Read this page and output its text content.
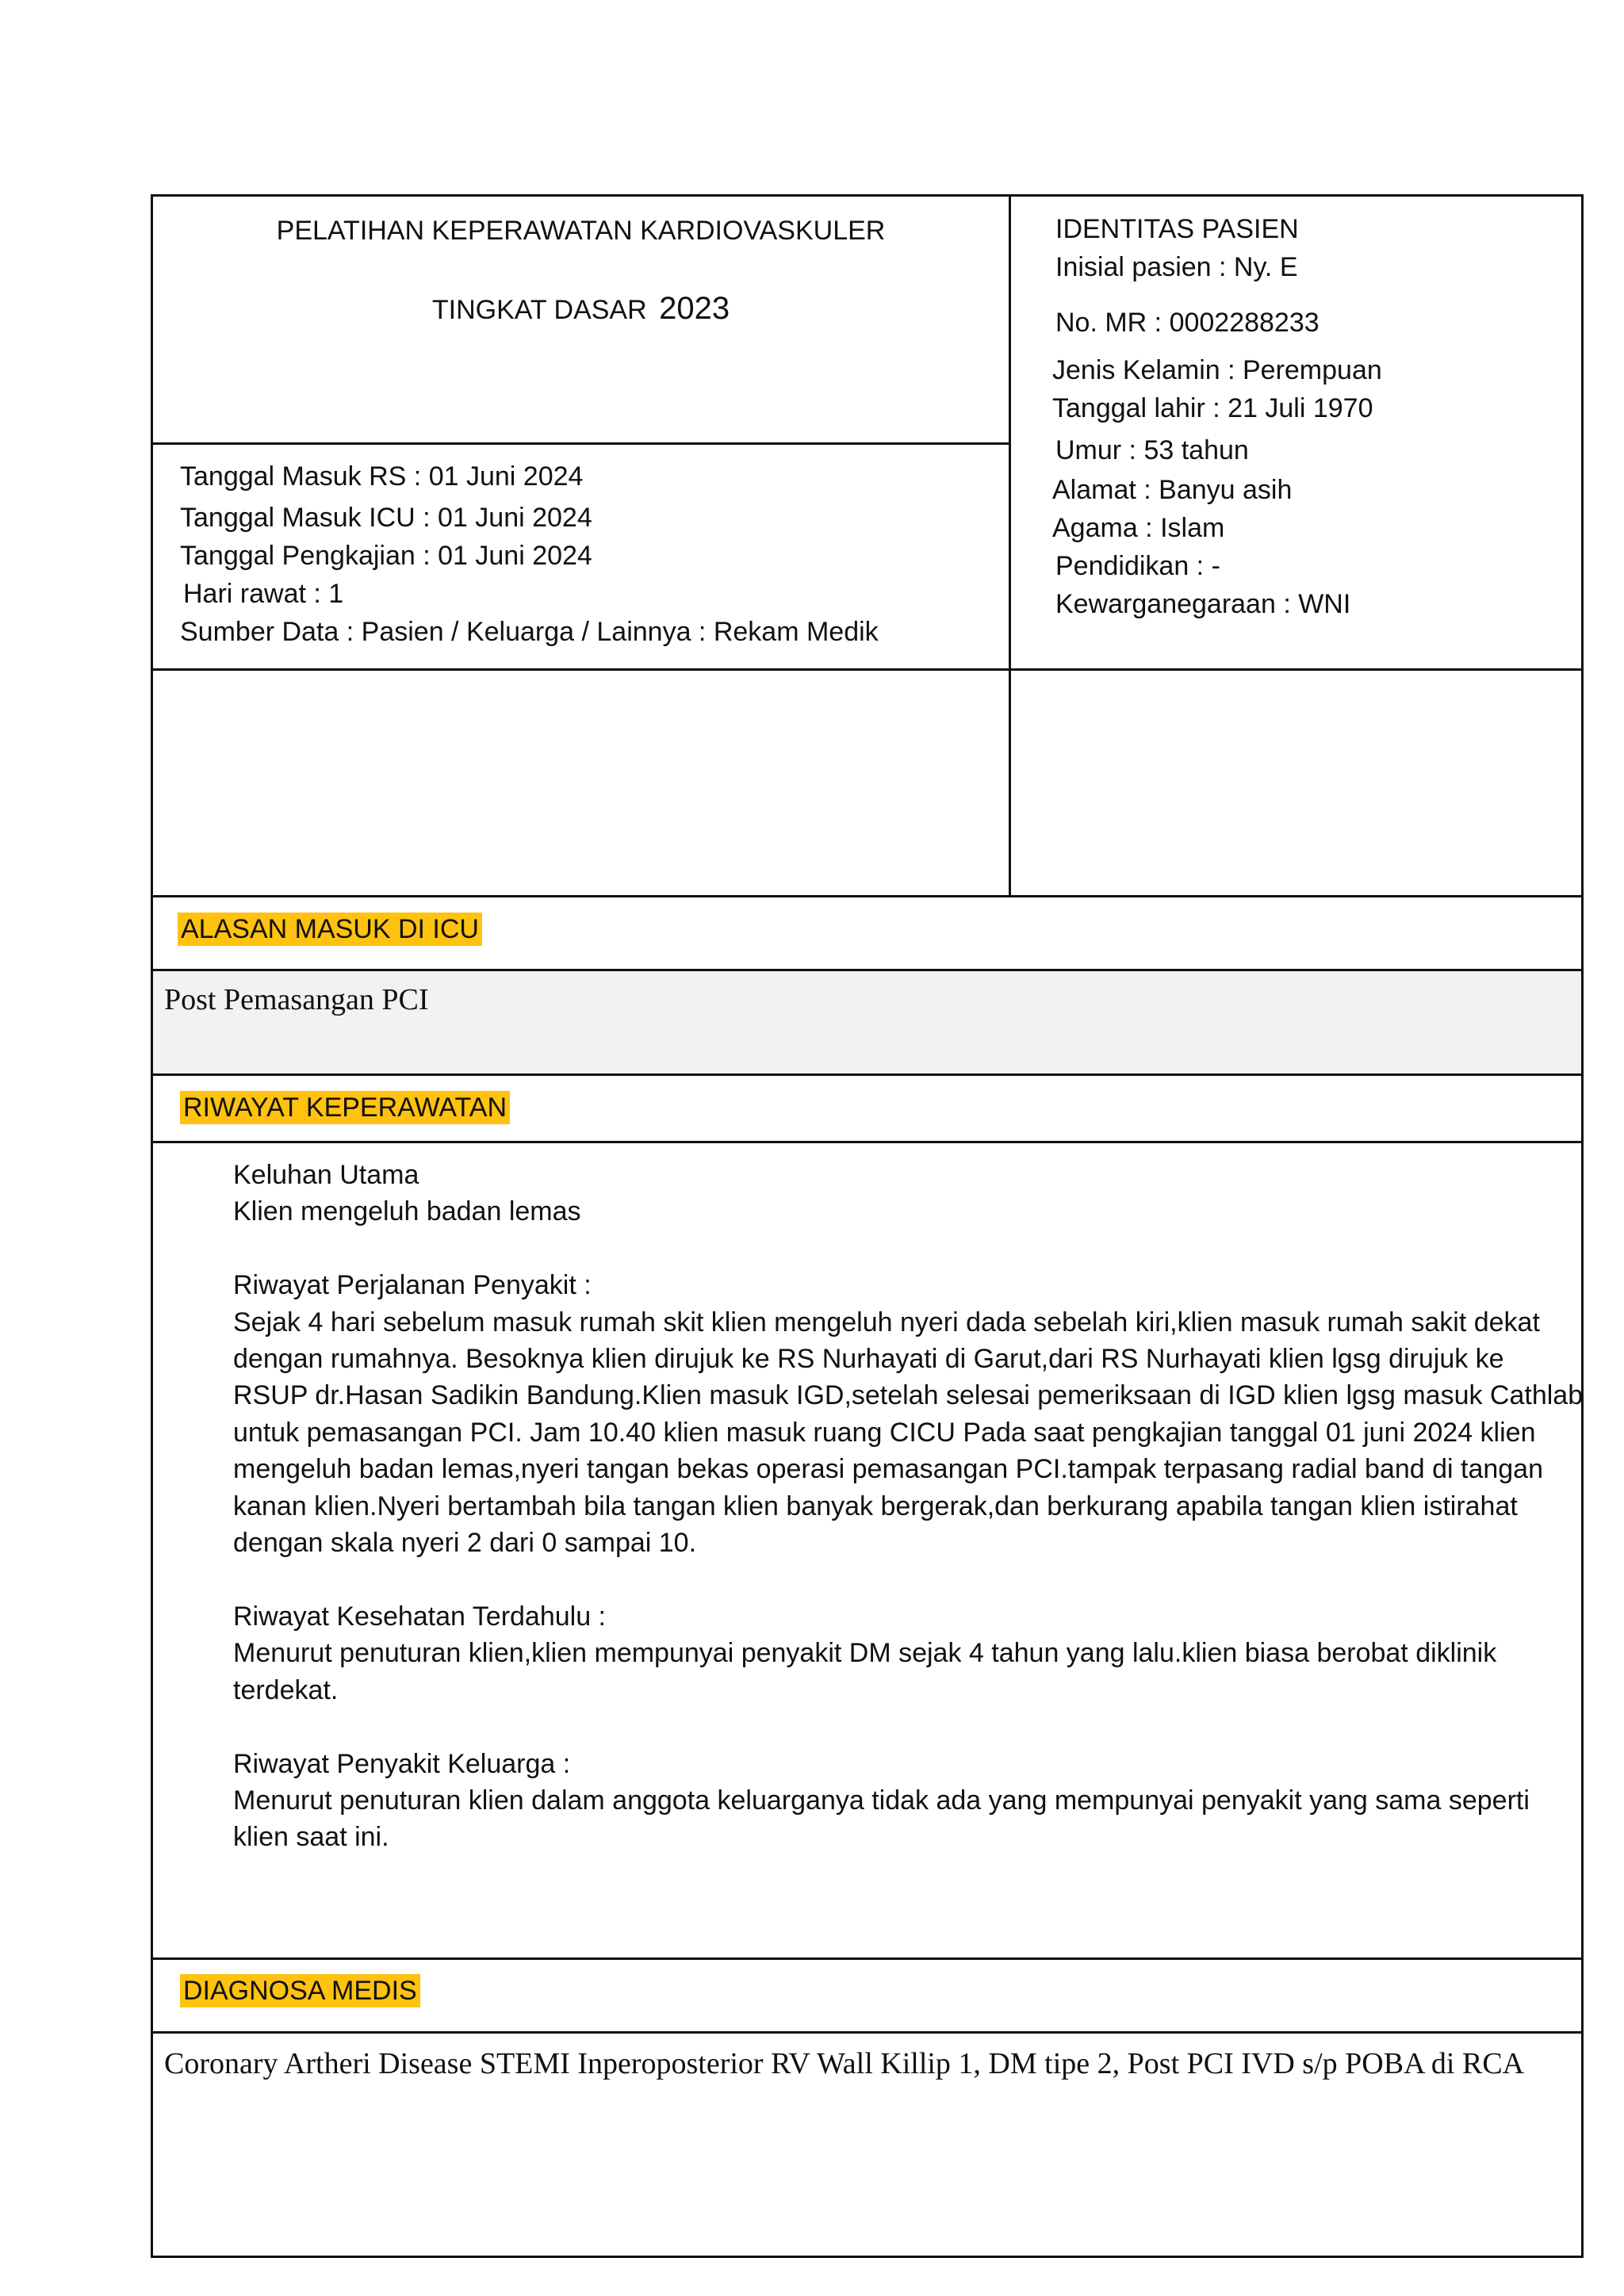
PELATIHAN KEPERAWATAN KARDIOVASKULER
TINGKAT DASAR 2023
Tanggal Masuk RS : 01 Juni 2024
Tanggal Masuk ICU : 01 Juni 2024
Tanggal Pengkajian : 01 Juni 2024
Hari rawat : 1
Sumber Data : Pasien / Keluarga / Lainnya : Rekam Medik
IDENTITAS PASIEN
Inisial pasien : Ny. E
No. MR : 0002288233
Jenis Kelamin : Perempuan
Tanggal lahir : 21 Juli 1970
Umur : 53 tahun
Alamat : Banyu asih
Agama : Islam
Pendidikan : -
Kewarganegaraan : WNI
ALASAN MASUK DI ICU
Post Pemasangan PCI
RIWAYAT KEPERAWATAN
Keluhan Utama
Klien mengeluh badan lemas

Riwayat Perjalanan Penyakit :
Sejak 4 hari sebelum masuk rumah skit klien mengeluh nyeri dada sebelah kiri,klien masuk rumah sakit dekat
dengan rumahnya. Besoknya klien dirujuk ke RS Nurhayati di Garut,dari RS Nurhayati klien lgsg dirujuk ke
RSUP dr.Hasan Sadikin Bandung.Klien masuk IGD,setelah selesai pemeriksaan di IGD klien lgsg masuk Cathlab
untuk pemasangan PCI. Jam 10.40 klien masuk ruang CICU Pada saat pengkajian tanggal 01 juni 2024 klien
mengeluh badan lemas,nyeri tangan bekas operasi pemasangan PCI.tampak terpasang radial band di tangan
kanan klien.Nyeri bertambah bila tangan klien banyak bergerak,dan berkurang apabila tangan klien istirahat
dengan skala nyeri 2 dari 0 sampai 10.

Riwayat Kesehatan Terdahulu :
Menurut penuturan klien,klien mempunyai penyakit DM sejak 4 tahun yang lalu.klien biasa berobat diklinik
terdekat.

Riwayat Penyakit Keluarga :
Menurut penuturan klien dalam anggota keluarganya tidak ada yang mempunyai penyakit yang sama seperti
klien saat ini.
DIAGNOSA MEDIS
Coronary Artheri Disease STEMI Inperoposterior RV Wall Killip 1, DM tipe 2, Post PCI IVD s/p POBA di RCA
